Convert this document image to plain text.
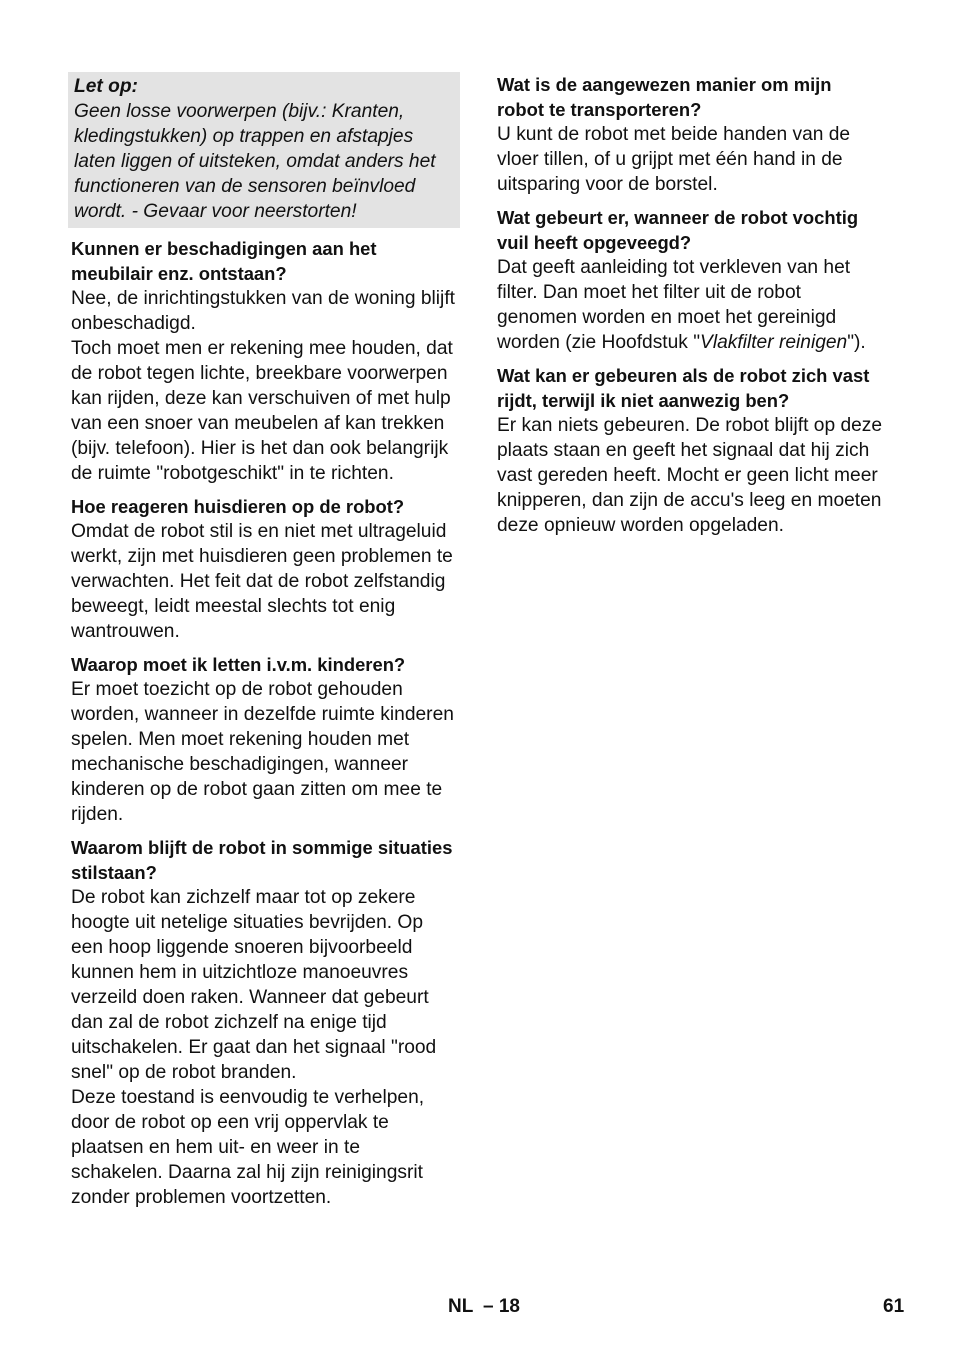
Let op:
Geen losse voorwerpen (bijv.: Kranten, kledingstukken) op trappen en afstapjes laten liggen of uitsteken, omdat anders het functioneren van de sensoren beïnvloed wordt. - Gevaar voor neerstorten!
Kunnen er beschadigingen aan het meubilair enz. ontstaan?
Nee, de inrichtingstukken van de woning blijft onbeschadigd.
Toch moet men er rekening mee houden, dat de robot tegen lichte, breekbare voorwerpen kan rijden, deze kan verschuiven of met hulp van een snoer van meubelen af kan trekken (bijv. telefoon). Hier is het dan ook belangrijk de ruimte "robotgeschikt" in te richten.
Hoe reageren huisdieren op de robot?
Omdat de robot stil is en niet met ultrageluid werkt, zijn met huisdieren geen problemen te verwachten. Het feit dat de robot zelfstandig beweegt, leidt meestal slechts tot enig wantrouwen.
Waarop moet ik letten i.v.m. kinderen?
Er moet toezicht op de robot gehouden worden, wanneer in dezelfde ruimte kinderen spelen. Men moet rekening houden met mechanische beschadigingen, wanneer kinderen op de robot gaan zitten om mee te rijden.
Waarom blijft de robot in sommige situaties stilstaan?
De robot kan zichzelf maar tot op zekere hoogte uit netelige situaties bevrijden. Op een hoop liggende snoeren bijvoorbeeld kunnen hem in uitzichtloze manoeuvres verzeild doen raken. Wanneer dat gebeurt dan zal de robot zichzelf na enige tijd uitschakelen. Er gaat dan het signaal "rood snel" op de robot branden.
Deze toestand is eenvoudig te verhelpen, door de robot op een vrij oppervlak te plaatsen en hem uit- en weer in te schakelen. Daarna zal hij zijn reinigingsrit zonder problemen voortzetten.
Wat is de aangewezen manier om mijn robot te transporteren?
U kunt de robot met beide handen van de vloer tillen, of u grijpt met één hand in de uitsparing voor de borstel.
Wat gebeurt er, wanneer de robot vochtig vuil heeft opgeveegd?
Dat geeft aanleiding tot verkleven van het filter. Dan moet het filter uit de robot genomen worden en moet het gereinigd worden (zie Hoofdstuk "Vlakfilter reinigen").
Wat kan er gebeuren als de robot zich vast rijdt, terwijl ik niet aanwezig ben?
Er kan niets gebeuren. De robot blijft op deze plaats staan en geeft het signaal dat hij zich vast gereden heeft. Mocht er geen licht meer knipperen, dan zijn de accu's leeg en moeten deze opnieuw worden opgeladen.
NL – 18	61
